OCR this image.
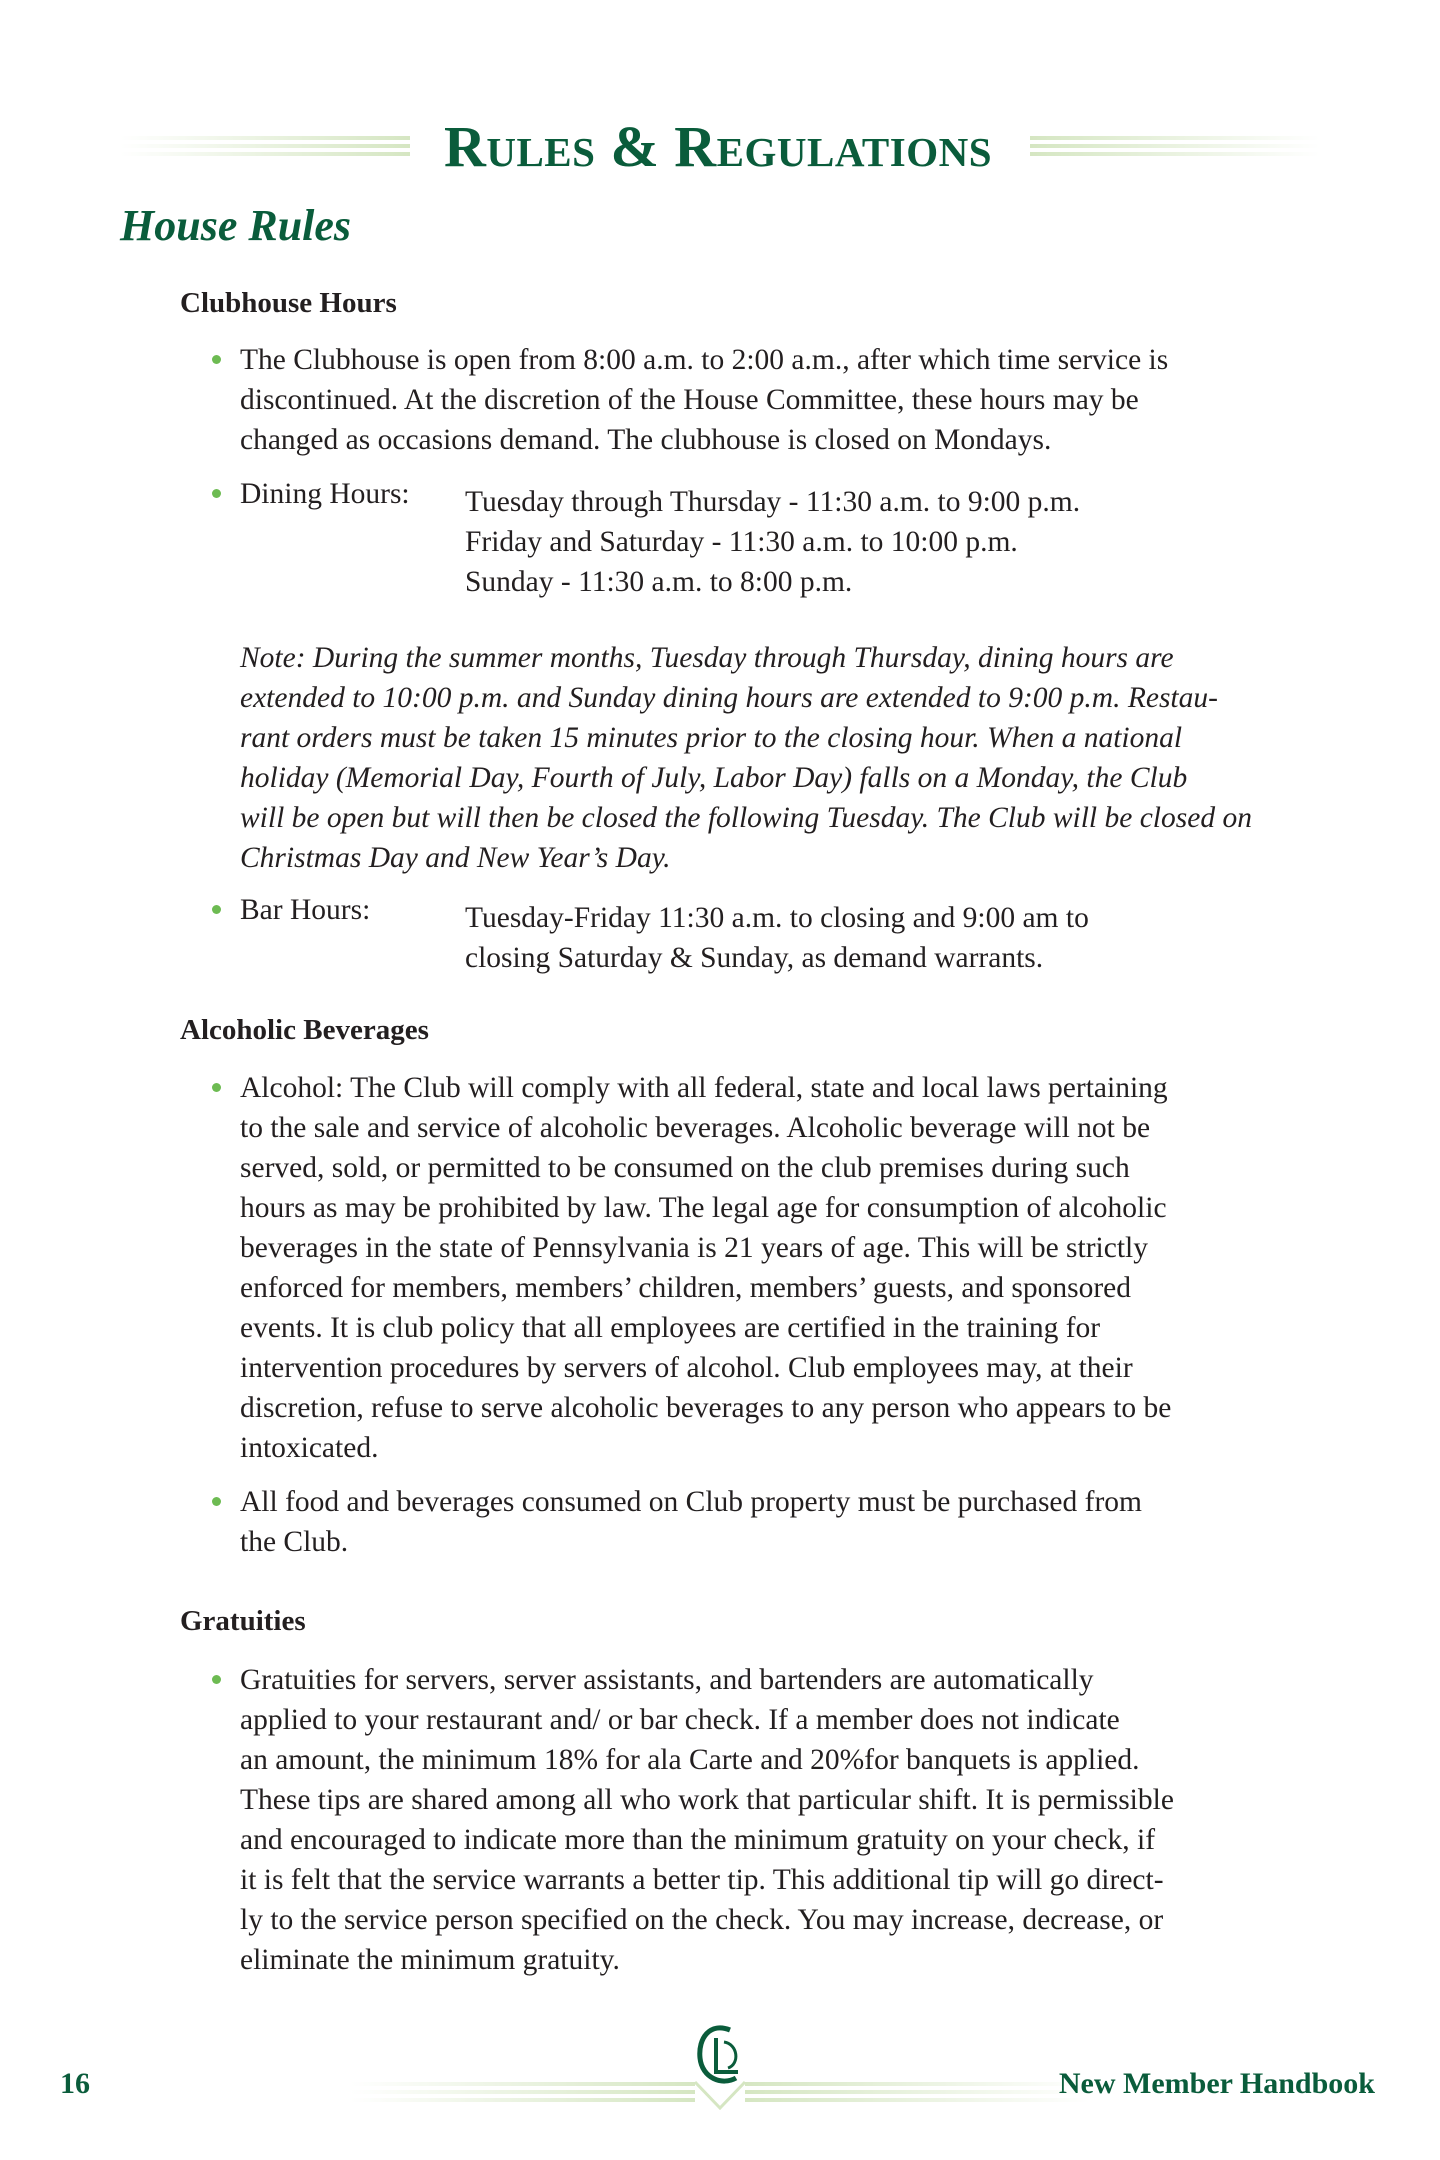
Rules & Regulations
House Rules
Clubhouse Hours
The Clubhouse is open from 8:00 a.m. to 2:00 a.m., after which time service is
discontinued. At the discretion of the House Committee, these hours may be
changed as occasions demand. The clubhouse is closed on Mondays.
Dining Hours: Tuesday through Thursday - 11:30 a.m. to 9:00 p.m.
Friday and Saturday - 11:30 a.m. to 10:00 p.m.
Sunday - 11:30 a.m. to 8:00 p.m.
Note: During the summer months, Tuesday through Thursday, dining hours are
extended to 10:00 p.m. and Sunday dining hours are extended to 9:00 p.m. Restau-
rant orders must be taken 15 minutes prior to the closing hour. When a national
holiday (Memorial Day, Fourth of July, Labor Day) falls on a Monday, the Club
will be open but will then be closed the following Tuesday. The Club will be closed on
Christmas Day and New Year’s Day.
Bar Hours:	Tuesday-Friday 11:30 a.m. to closing and 9:00 am to
closing Saturday & Sunday, as demand warrants.
Alcoholic Beverages
Alcohol: The Club will comply with all federal, state and local laws pertaining
to the sale and service of alcoholic beverages. Alcoholic beverage will not be
served, sold, or permitted to be consumed on the club premises during such
hours as may be prohibited by law. The legal age for consumption of alcoholic
beverages in the state of Pennsylvania is 21 years of age. This will be strictly
enforced for members, members’ children, members’ guests, and sponsored
events. It is club policy that all employees are certified in the training for
intervention procedures by servers of alcohol. Club employees may, at their
discretion, refuse to serve alcoholic beverages to any person who appears to be
intoxicated.
All food and beverages consumed on Club property must be purchased from
the Club.
Gratuities
Gratuities for servers, server assistants, and bartenders are automatically
applied to your restaurant and/ or bar check. If a member does not indicate
an amount, the minimum 18% for ala Carte and 20%for banquets is applied.
These tips are shared among all who work that particular shift. It is permissible
and encouraged to indicate more than the minimum gratuity on your check, if
it is felt that the service warrants a better tip. This additional tip will go direct-
ly to the service person specified on the check. You may increase, decrease, or
eliminate the minimum gratuity.
16	New Member Handbook
